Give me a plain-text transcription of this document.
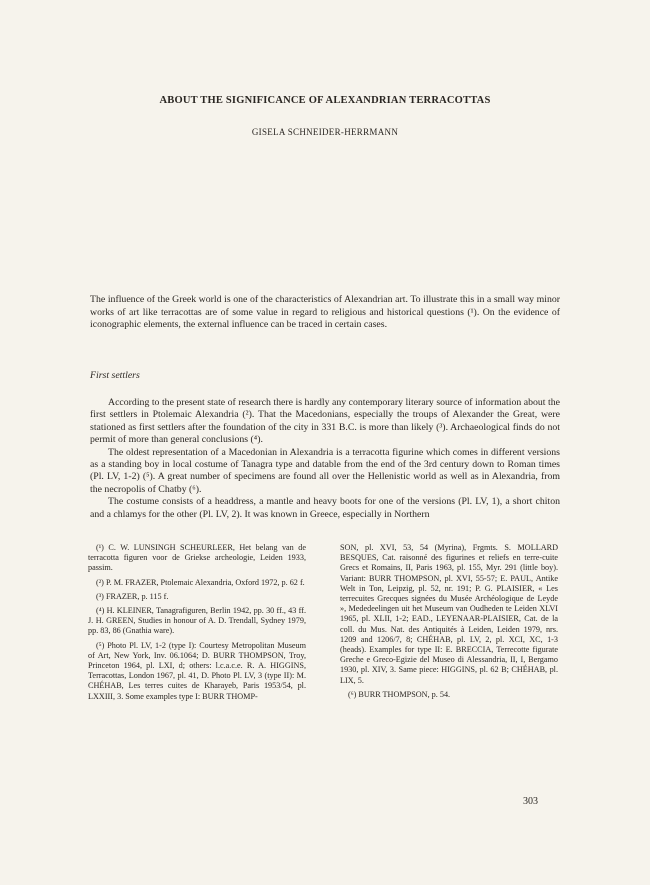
ABOUT THE SIGNIFICANCE OF ALEXANDRIAN TERRACOTTAS
GISELA SCHNEIDER-HERRMANN
The influence of the Greek world is one of the characteristics of Alexandrian art. To illustrate this in a small way minor works of art like terracottas are of some value in regard to religious and historical questions (¹). On the evidence of iconographic elements, the external influence can be traced in certain cases.
First settlers

According to the present state of research there is hardly any contemporary literary source of information about the first settlers in Ptolemaic Alexandria (²). That the Macedonians, especially the troups of Alexander the Great, were stationed as first settlers after the foundation of the city in 331 B.C. is more than likely (³). Archaeological finds do not permit of more than general conclusions (⁴).

The oldest representation of a Macedonian in Alexandria is a terracotta figurine which comes in different versions as a standing boy in local costume of Tanagra type and datable from the end of the 3rd century down to Roman times (Pl. LV, 1-2) (⁵). A great number of specimens are found all over the Hellenistic world as well as in Alexandria, from the necropolis of Chatby (⁶).

The costume consists of a headdress, a mantle and heavy boots for one of the versions (Pl. LV, 1), a short chiton and a chlamys for the other (Pl. LV, 2). It was known in Greece, especially in Northern

(¹) C. W. LUNSINGH SCHEURLEER, Het belang van de terracotta figuren voor de Griekse archeologie, Leiden 1933, passim.

(²) P. M. FRAZER, Ptolemaic Alexandria, Oxford 1972, p. 62 f.

(³) FRAZER, p. 115 f.

(⁴) H. KLEINER, Tanagrafiguren, Berlin 1942, pp. 30 ff., 43 ff. J. H. GREEN, Studies in honour of A. D. Trendall, Sydney 1979, pp. 83, 86 (Gnathia ware).

(⁵) Photo Pl. LV, 1-2 (type I): Courtesy Metropolitan Museum of Art, New York, Inv. 06.1064; D. BURR THOMPSON, Troy, Princeton 1964, pl. LXI, d; others: l.c.a.c.e. R. A. HIGGINS, Terracottas, London 1967, pl. 41, D. Photo Pl. LV, 3 (type II): M. CHÉHAB, Les terres cuites de Kharayeb, Paris 1953/54, pl. LXXIII, 3. Some examples type I: BURR THOMP-

SON, pl. XVI, 53, 54 (Myrina), Frgmts. S. MOLLARD BESQUES, Cat. raisonné des figurines et reliefs en terre-cuite Grecs et Romains, II, Paris 1963, pl. 155, Myr. 291 (little boy). Variant: BURR THOMPSON, pl. XVI, 55-57; E. PAUL, Antike Welt in Ton, Leipzig, pl. 52, nr. 191; P. G. PLAISIER, « Les terrecuites Grecques signées du Musée Archéologique de Leyde », Mededeelingen uit het Museum van Oudheden te Leiden XLVI 1965, pl. XLII, 1-2; EAD., LEYENAAR-PLAISIER, Cat. de la coll. du Mus. Nat. des Antiquités à Leiden, Leiden 1979, nrs. 1209 and 1206/7, 8; CHÉHAB, pl. LV, 2, pl. XCI, XC, 1-3 (heads). Examples for type II: E. BRECCIA, Terrecotte figurate Greche e Greco-Egizie del Museo di Alessandria, II, I, Bergamo 1930, pl. XIV, 3. Same piece: HIGGINS, pl. 62 B; CHÉHAB, pl. LIX, 5.

(⁶) BURR THOMPSON, p. 54.

303
